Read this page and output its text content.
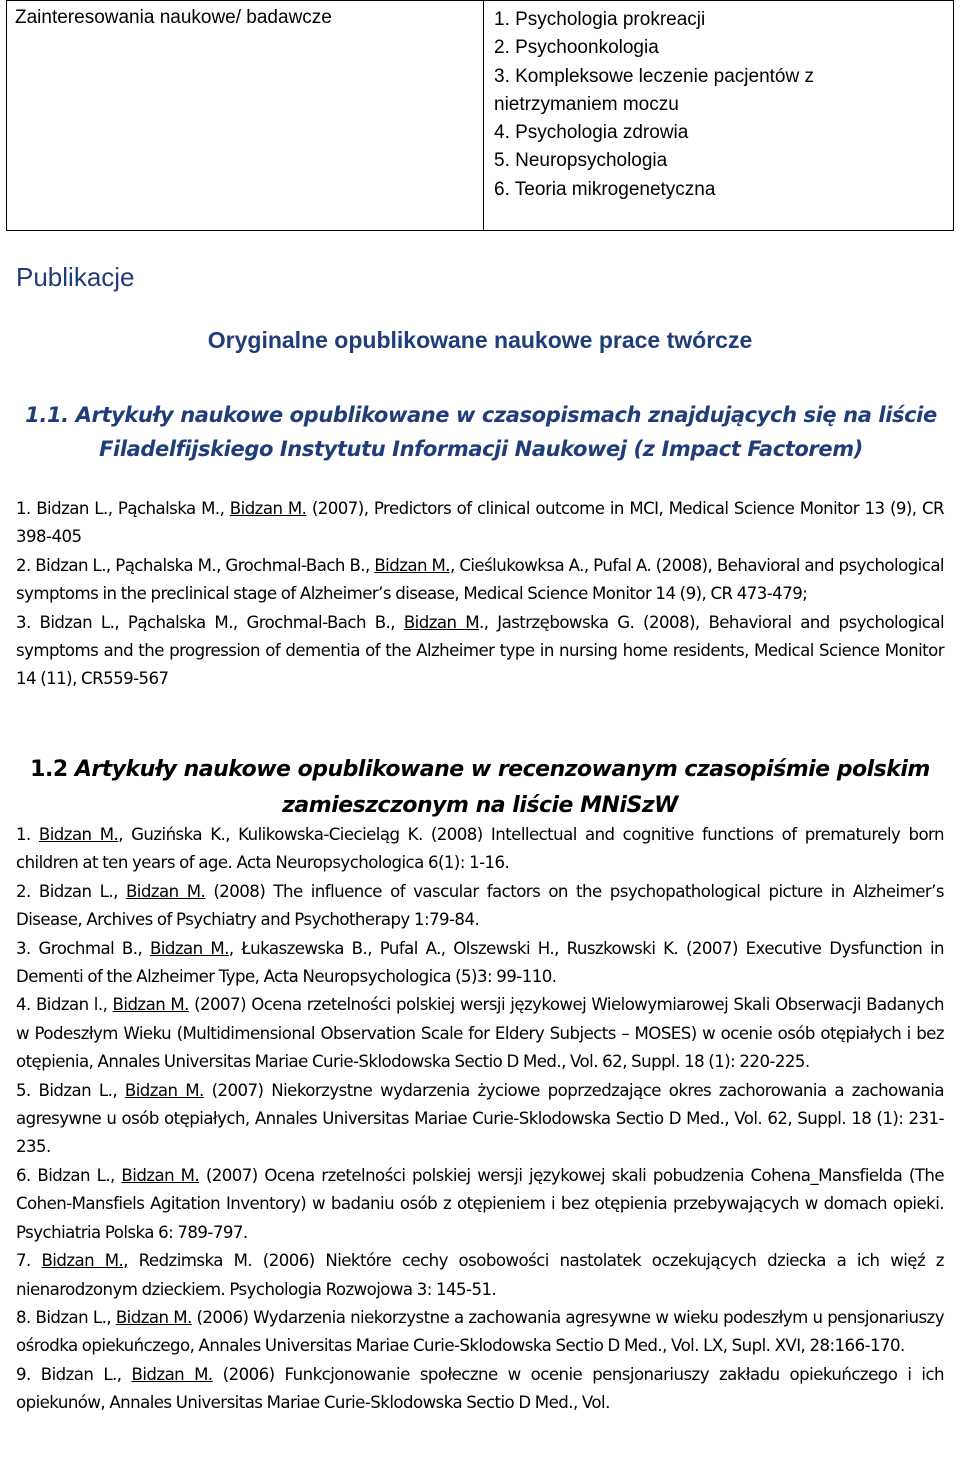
Zainteresowania naukowe/ badawcze	1. Psychologia prokreacji
2. Psychoonkologia
3. Kompleksowe leczenie pacjentów z nietrzymaniem moczu
4. Psychologia zdrowia
5. Neuropsychologia
6. Teoria mikrogenetyczna
Publikacje
Oryginalne opublikowane naukowe prace twórcze
1.1. Artykuły naukowe opublikowane w czasopismach znajdujących się na liście Filadelfijskiego Instytutu Informacji Naukowej (z Impact Factorem)

1. Bidzan L., Pąchalska M., Bidzan M. (2007), Predictors of clinical outcome in MCI, Medical Science Monitor 13 (9), CR 398-405

2. Bidzan L., Pąchalska M., Grochmal-Bach B., Bidzan M., Cieślukowksa A., Pufal A. (2008), Behavioral and psychological symptoms in the preclinical stage of Alzheimer’s disease, Medical Science Monitor 14 (9), CR 473-479;

3. Bidzan L., Pąchalska M., Grochmal-Bach B., Bidzan M., Jastrzębowska G. (2008), Behavioral and psychological symptoms and the progression of dementia of the Alzheimer type in nursing home residents, Medical Science Monitor 14 (11), CR559-567

1.2 Artykuły naukowe opublikowane w recenzowanym czasopiśmie polskim zamieszczonym na liście MNiSzW

1. Bidzan M., Guzińska K., Kulikowska-Ciecieląg K. (2008) Intellectual and cognitive functions of prematurely born children at ten years of age. Acta Neuropsychologica 6(1): 1-16.

2. Bidzan L., Bidzan M. (2008) The influence of vascular factors on the psychopathological picture in Alzheimer’s Disease, Archives of Psychiatry and Psychotherapy 1:79-84.

3. Grochmal B., Bidzan M., Łukaszewska B., Pufal A., Olszewski H., Ruszkowski K. (2007) Executive Dysfunction in Dementi of the Alzheimer Type, Acta Neuropsychologica (5)3: 99-110.

4. Bidzan l., Bidzan M. (2007) Ocena rzetelności polskiej wersji językowej Wielowymiarowej Skali Obserwacji Badanych w Podeszłym Wieku (Multidimensional Observation Scale for Eldery Subjects – MOSES) w ocenie osób otępiałych i bez otępienia, Annales Universitas Mariae Curie-Sklodowska Sectio D Med., Vol. 62, Suppl. 18 (1): 220-225.

5. Bidzan L., Bidzan M. (2007) Niekorzystne wydarzenia życiowe poprzedzające okres zachorowania a zachowania agresywne u osób otępiałych, Annales Universitas Mariae Curie-Sklodowska Sectio D Med., Vol. 62, Suppl. 18 (1): 231-235.

6. Bidzan L., Bidzan M. (2007) Ocena rzetelności polskiej wersji językowej skali pobudzenia Cohena_Mansfielda (The Cohen-Mansfiels Agitation Inventory) w badaniu osób z otępieniem i bez otępienia przebywających w domach opieki. Psychiatria Polska 6: 789-797.

7. Bidzan M., Redzimska M. (2006) Niektóre cechy osobowości nastolatek oczekujących dziecka a ich więź z nienarodzonym dzieckiem. Psychologia Rozwojowa 3: 145-51.

8. Bidzan L., Bidzan M. (2006) Wydarzenia niekorzystne a zachowania agresywne w wieku podeszłym u pensjonariuszy ośrodka opiekuńczego, Annales Universitas Mariae Curie-Sklodowska Sectio D Med., Vol. LX, Supl. XVI, 28:166-170.

9. Bidzan L., Bidzan M. (2006) Funkcjonowanie społeczne w ocenie pensjonariuszy zakładu opiekuńczego i ich opiekunów, Annales Universitas Mariae Curie-Sklodowska Sectio D Med., Vol.
